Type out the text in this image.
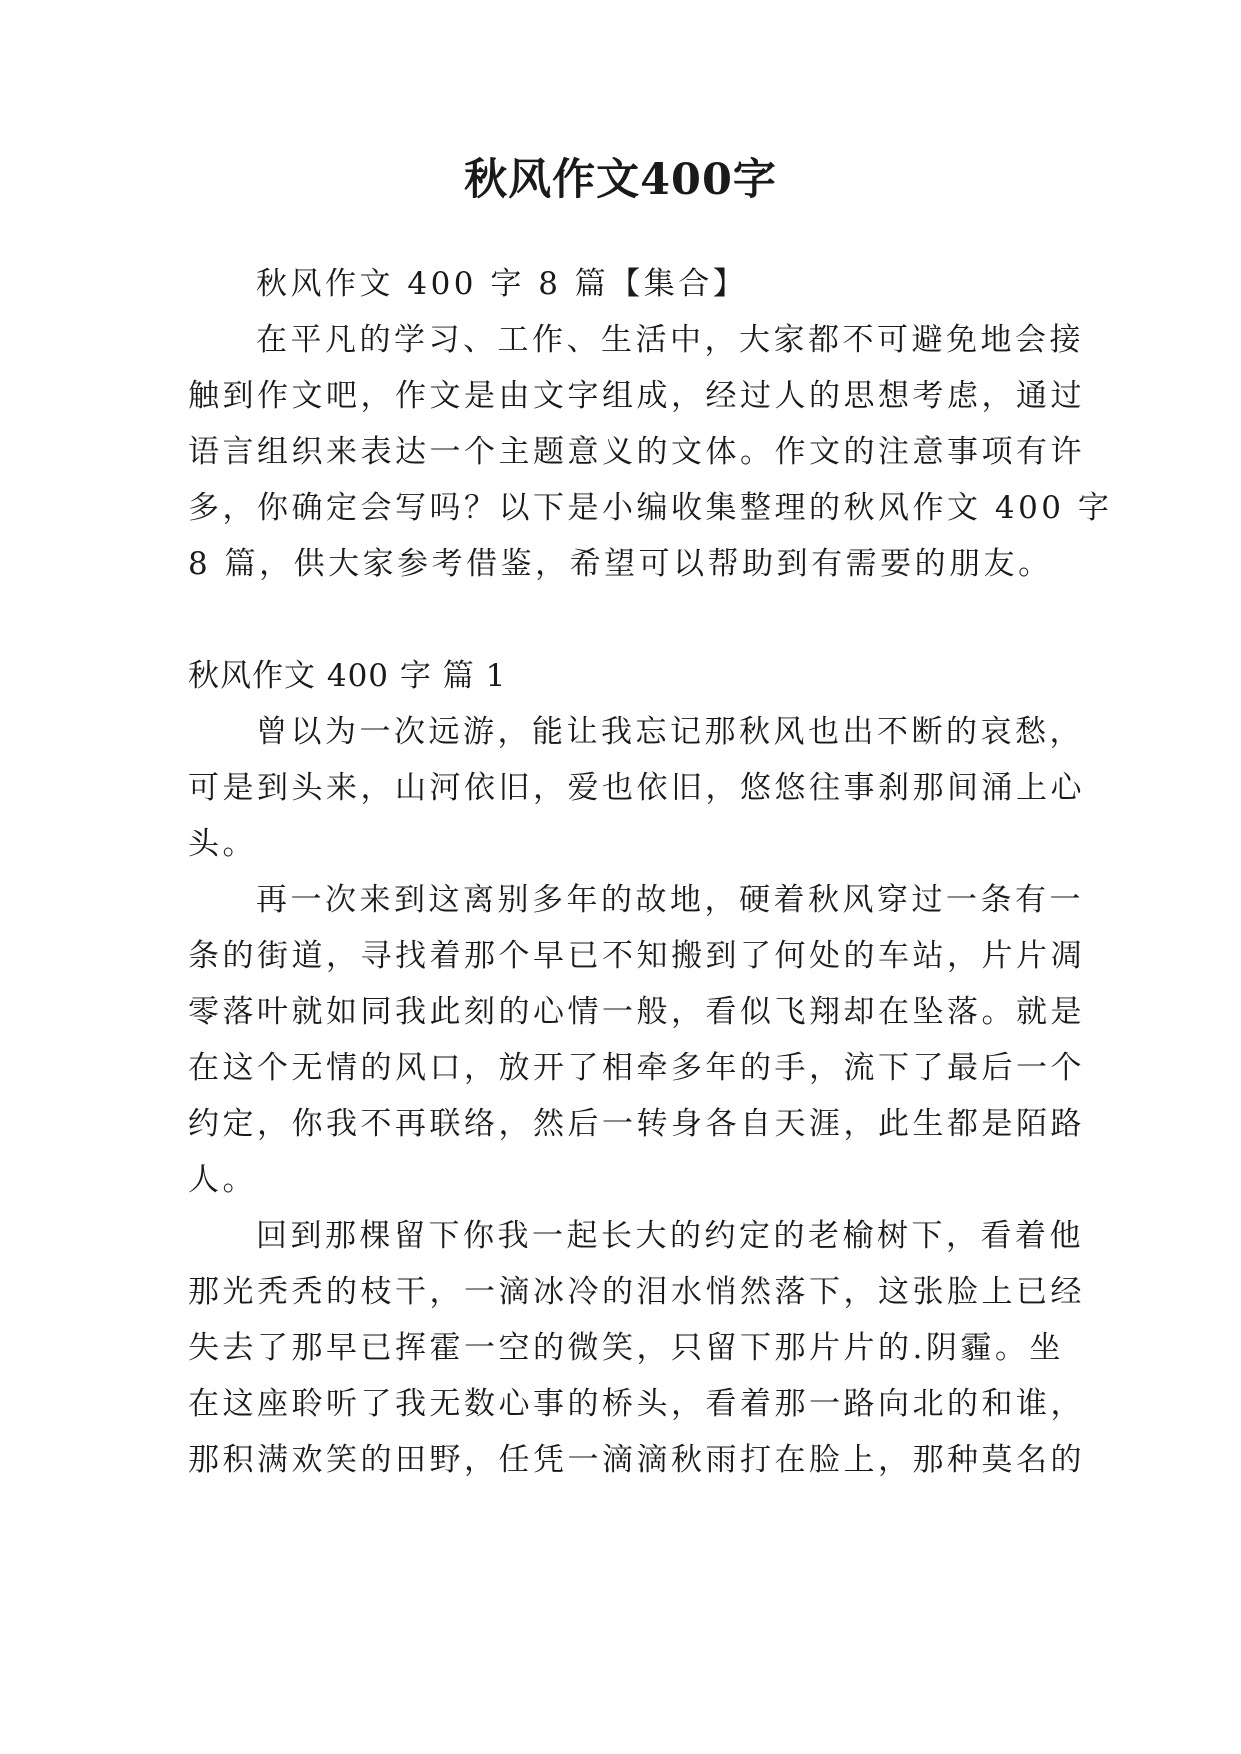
秋风作文400字
秋风作文 400 字 8 篇【集合】
在平凡的学习、工作、生活中，大家都不可避免地会接
触到作文吧，作文是由文字组成，经过人的思想考虑，通过
语言组织来表达一个主题意义的文体。作文的注意事项有许
多，你确定会写吗？以下是小编收集整理的秋风作文 400 字
8 篇，供大家参考借鉴，希望可以帮助到有需要的朋友。
秋风作文 400 字 篇 1
曾以为一次远游，能让我忘记那秋风也出不断的哀愁，
可是到头来，山河依旧，爱也依旧，悠悠往事刹那间涌上心
头。
再一次来到这离别多年的故地，硬着秋风穿过一条有一
条的街道，寻找着那个早已不知搬到了何处的车站，片片凋
零落叶就如同我此刻的心情一般，看似飞翔却在坠落。就是
在这个无情的风口，放开了相牵多年的手，流下了最后一个
约定，你我不再联络，然后一转身各自天涯，此生都是陌路
人。
回到那棵留下你我一起长大的约定的老榆树下，看着他
那光秃秃的枝干，一滴冰冷的泪水悄然落下，这张脸上已经
失去了那早已挥霍一空的微笑，只留下那片片的.阴霾。坐
在这座聆听了我无数心事的桥头，看着那一路向北的和谁，
那积满欢笑的田野，任凭一滴滴秋雨打在脸上，那种莫名的
